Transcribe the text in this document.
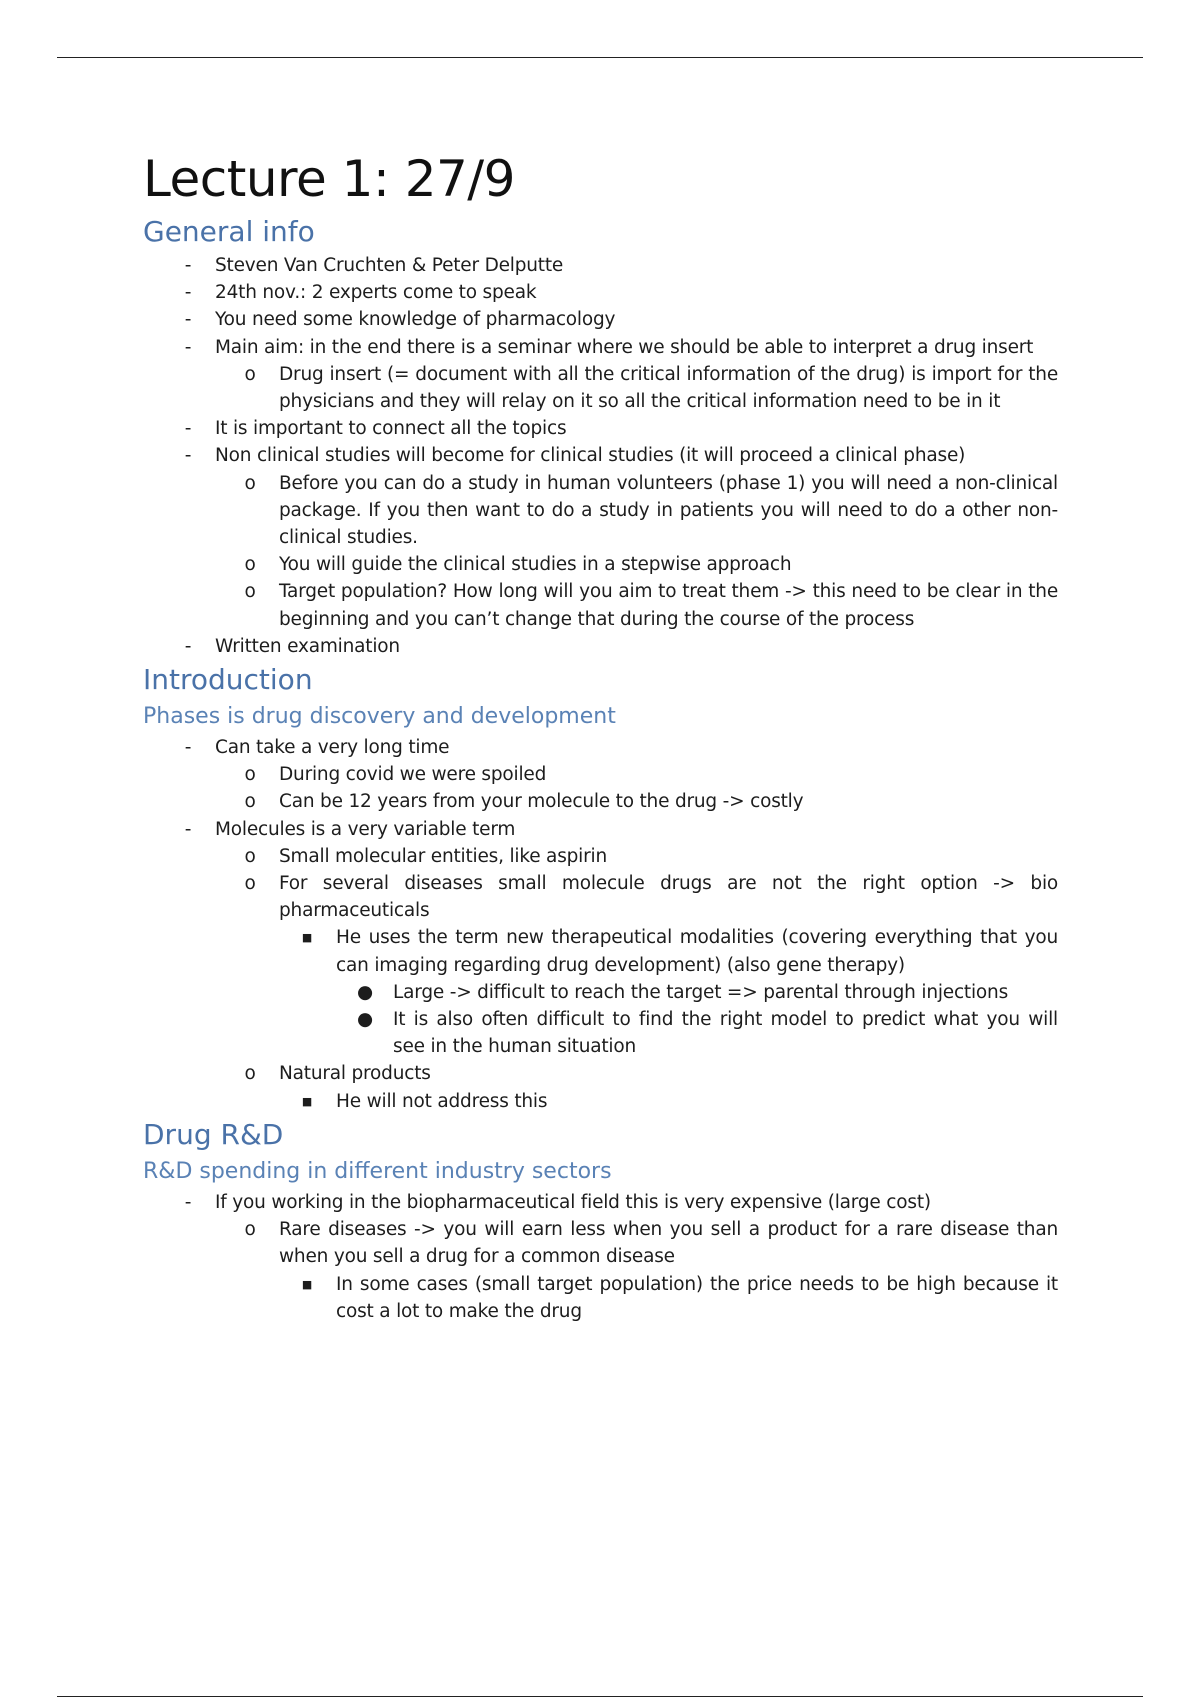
Lecture 1: 27/9
General info
-	Steven Van Cruchten & Peter Delputte
-	24th nov.: 2 experts come to speak
-	You need some knowledge of pharmacology
-	Main aim: in the end there is a seminar where we should be able to interpret a drug insert
o Drug insert (= document with all the critical information of the drug) is import for the physicians and they will relay on it so all the critical information need to be in it
-	It is important to connect all the topics
-	Non clinical studies will become for clinical studies (it will proceed a clinical phase)
o Before you can do a study in human volunteers (phase 1) you will need a non-clinical package. If you then want to do a study in patients you will need to do a other non-clinical studies.
o You will guide the clinical studies in a stepwise approach
o Target population? How long will you aim to treat them -> this need to be clear in the beginning and you can’t change that during the course of the process
-	Written examination
Introduction
Phases is drug discovery and development
-	Can take a very long time
o During covid we were spoiled
o Can be 12 years from your molecule to the drug -> costly
-	Molecules is a very variable term
o Small molecular entities, like aspirin
o For several diseases small molecule drugs are not the right option -> bio pharmaceuticals
■ He uses the term new therapeutical modalities (covering everything that you can imaging regarding drug development) (also gene therapy)
● Large -> difficult to reach the target => parental through injections
● It is also often difficult to find the right model to predict what you will see in the human situation
o Natural products
■ He will not address this
Drug R&D
R&D spending in different industry sectors
-	If you working in the biopharmaceutical field this is very expensive (large cost)
o Rare diseases -> you will earn less when you sell a product for a rare disease than when you sell a drug for a common disease
■ In some cases (small target population) the price needs to be high because it cost a lot to make the drug
